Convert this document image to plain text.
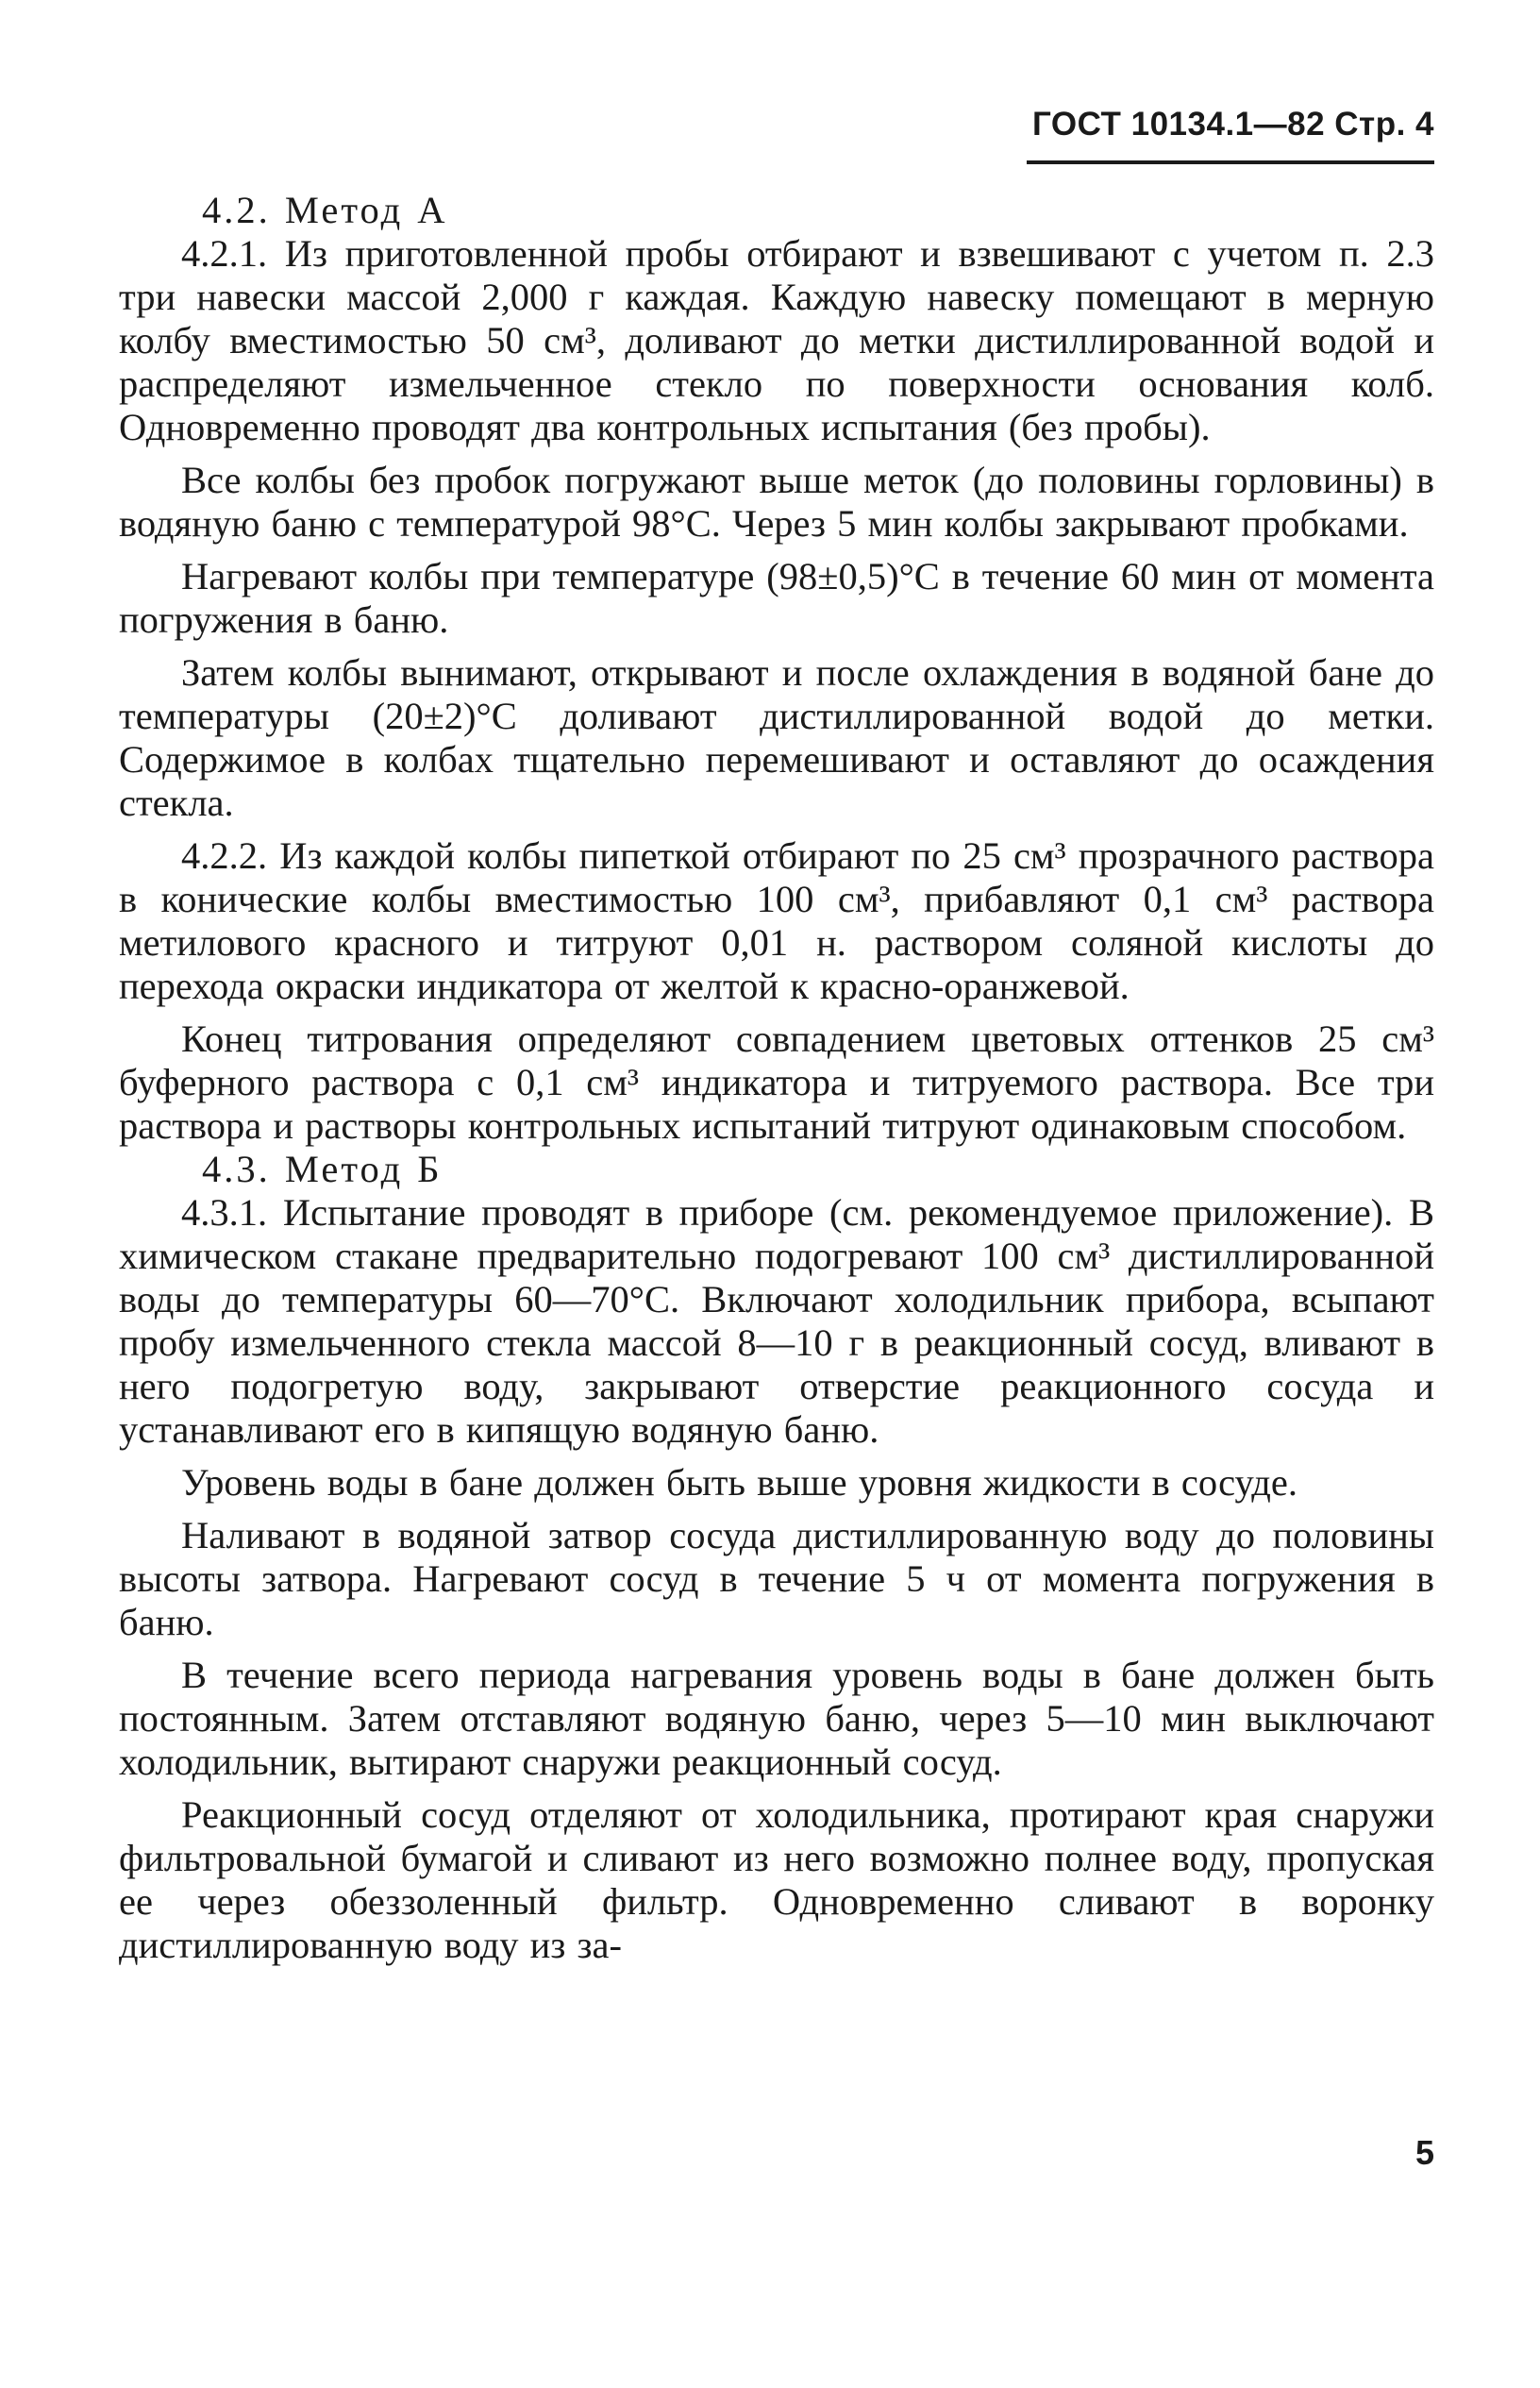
ГОСТ 10134.1—82 Стр. 4

4.2. Метод А

4.2.1. Из приготовленной пробы отбирают и взвешивают с учетом п. 2.3 три навески массой 2,000 г каждая. Каждую навеску помещают в мерную колбу вместимостью 50 см³, доливают до метки дистиллированной водой и распределяют измельченное стекло по поверхности основания колб. Одновременно проводят два контрольных испытания (без пробы).

Все колбы без пробок погружают выше меток (до половины горловины) в водяную баню с температурой 98°С. Через 5 мин колбы закрывают пробками.

Нагревают колбы при температуре (98±0,5)°С в течение 60 мин от момента погружения в баню.

Затем колбы вынимают, открывают и после охлаждения в водяной бане до температуры (20±2)°С доливают дистиллированной водой до метки. Содержимое в колбах тщательно перемешивают и оставляют до осаждения стекла.

4.2.2. Из каждой колбы пипеткой отбирают по 25 см³ прозрачного раствора в конические колбы вместимостью 100 см³, прибавляют 0,1 см³ раствора метилового красного и титруют 0,01 н. раствором соляной кислоты до перехода окраски индикатора от желтой к красно-оранжевой.

Конец титрования определяют совпадением цветовых оттенков 25 см³ буферного раствора с 0,1 см³ индикатора и титруемого раствора. Все три раствора и растворы контрольных испытаний титруют одинаковым способом.

4.3. Метод Б

4.3.1. Испытание проводят в приборе (см. рекомендуемое приложение). В химическом стакане предварительно подогревают 100 см³ дистиллированной воды до температуры 60—70°С. Включают холодильник прибора, всыпают пробу измельченного стекла массой 8—10 г в реакционный сосуд, вливают в него подогретую воду, закрывают отверстие реакционного сосуда и устанавливают его в кипящую водяную баню.

Уровень воды в бане должен быть выше уровня жидкости в сосуде.

Наливают в водяной затвор сосуда дистиллированную воду до половины высоты затвора. Нагревают сосуд в течение 5 ч от момента погружения в баню.

В течение всего периода нагревания уровень воды в бане должен быть постоянным. Затем отставляют водяную баню, через 5—10 мин выключают холодильник, вытирают снаружи реакционный сосуд.

Реакционный сосуд отделяют от холодильника, протирают края снаружи фильтровальной бумагой и сливают из него возможно полнее воду, пропуская ее через обеззоленный фильтр. Одновременно сливают в воронку дистиллированную воду из за-

5
